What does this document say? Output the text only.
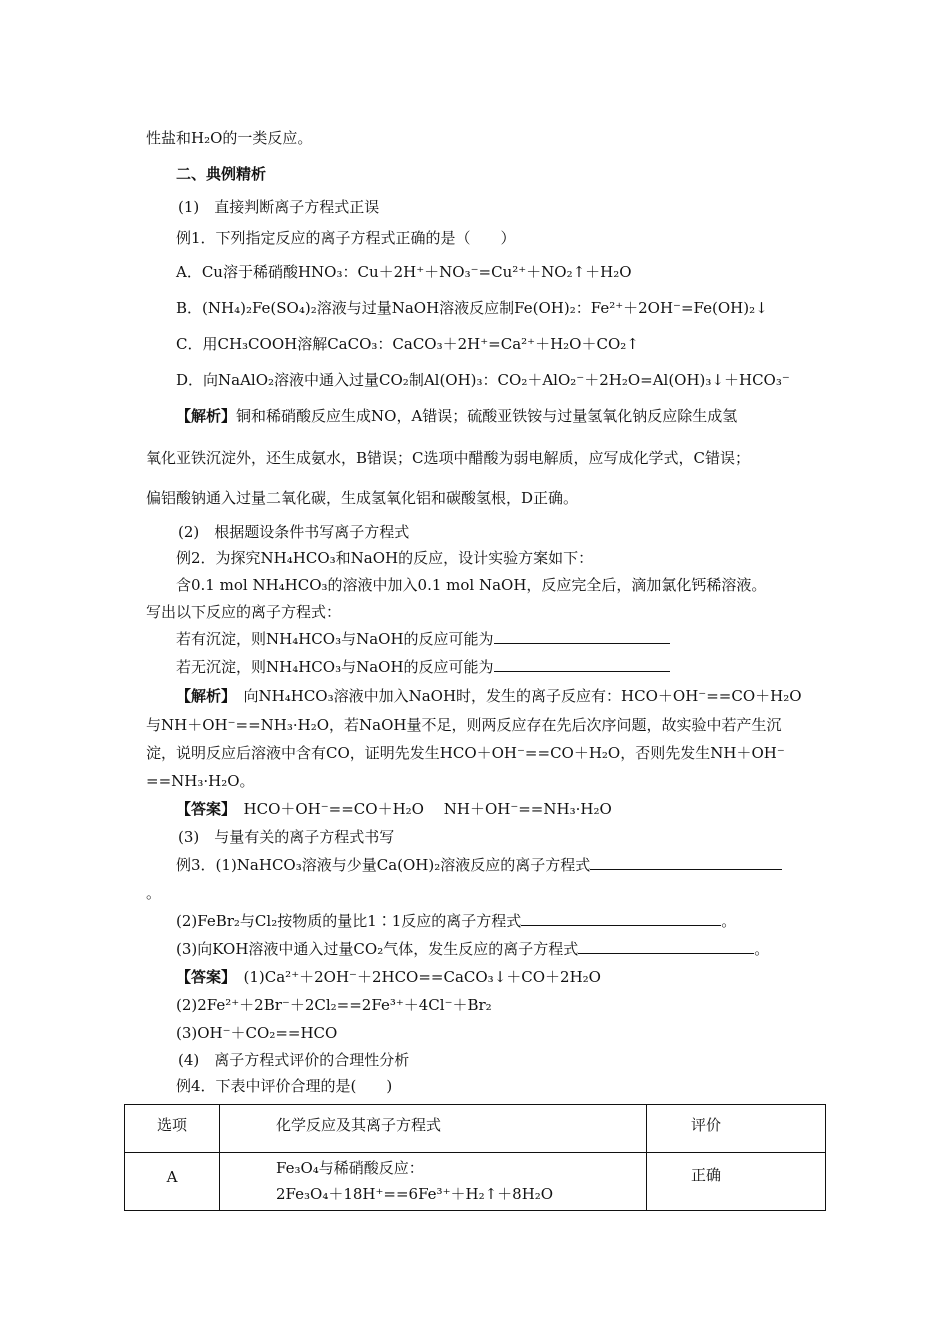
性盐和H₂O的一类反应。
二、典例精析
(1)　直接判断离子方程式正误
例1．下列指定反应的离子方程式正确的是（　　）
A．Cu溶于稀硝酸HNO₃：Cu＋2H⁺＋NO₃⁻=Cu²⁺＋NO₂↑＋H₂O
B．(NH₄)₂Fe(SO₄)₂溶液与过量NaOH溶液反应制Fe(OH)₂：Fe²⁺＋2OH⁻=Fe(OH)₂↓
C．用CH₃COOH溶解CaCO₃：CaCO₃＋2H⁺=Ca²⁺＋H₂O＋CO₂↑
D．向NaAlO₂溶液中通入过量CO₂制Al(OH)₃：CO₂＋AlO₂⁻＋2H₂O=Al(OH)₃↓＋HCO₃⁻
【解析】铜和稀硝酸反应生成NO，A错误；硫酸亚铁铵与过量氢氧化钠反应除生成氢
氧化亚铁沉淀外，还生成氨水，B错误；C选项中醋酸为弱电解质，应写成化学式，C错误；
偏铝酸钠通入过量二氧化碳，生成氢氧化铝和碳酸氢根，D正确。
(2)　根据题设条件书写离子方程式
例2．为探究NH₄HCO₃和NaOH的反应，设计实验方案如下：
含0.1 mol NH₄HCO₃的溶液中加入0.1 mol NaOH，反应完全后，滴加氯化钙稀溶液。
写出以下反应的离子方程式：
若有沉淀，则NH₄HCO₃与NaOH的反应可能为
若无沉淀，则NH₄HCO₃与NaOH的反应可能为
【解析】　向NH₄HCO₃溶液中加入NaOH时，发生的离子反应有：HCO＋OH⁻==CO＋H₂O
与NH＋OH⁻==NH₃·H₂O，若NaOH量不足，则两反应存在先后次序问题，故实验中若产生沉
淀，说明反应后溶液中含有CO，证明先发生HCO＋OH⁻==CO＋H₂O，否则先发生NH＋OH⁻
==NH₃·H₂O。
【答案】　HCO＋OH⁻==CO＋H₂O　 NH＋OH⁻==NH₃·H₂O
(3)　与量有关的离子方程式书写
例3．(1)NaHCO₃溶液与少量Ca(OH)₂溶液反应的离子方程式
。
(2)FeBr₂与Cl₂按物质的量比1∶1反应的离子方程式	。
(3)向KOH溶液中通入过量CO₂气体，发生反应的离子方程式	。
【答案】　(1)Ca²⁺＋2OH⁻＋2HCO==CaCO₃↓＋CO＋2H₂O
(2)2Fe²⁺＋2Br⁻＋2Cl₂==2Fe³⁺＋4Cl⁻＋Br₂
(3)OH⁻＋CO₂==HCO
(4)　离子方程式评价的合理性分析
例4．下表中评价合理的是(　　)
选项	化学反应及其离子方程式	评价
A	Fe₃O₄与稀硝酸反应：
2Fe₃O₄＋18H⁺==6Fe³⁺＋H₂↑＋8H₂O	正确
